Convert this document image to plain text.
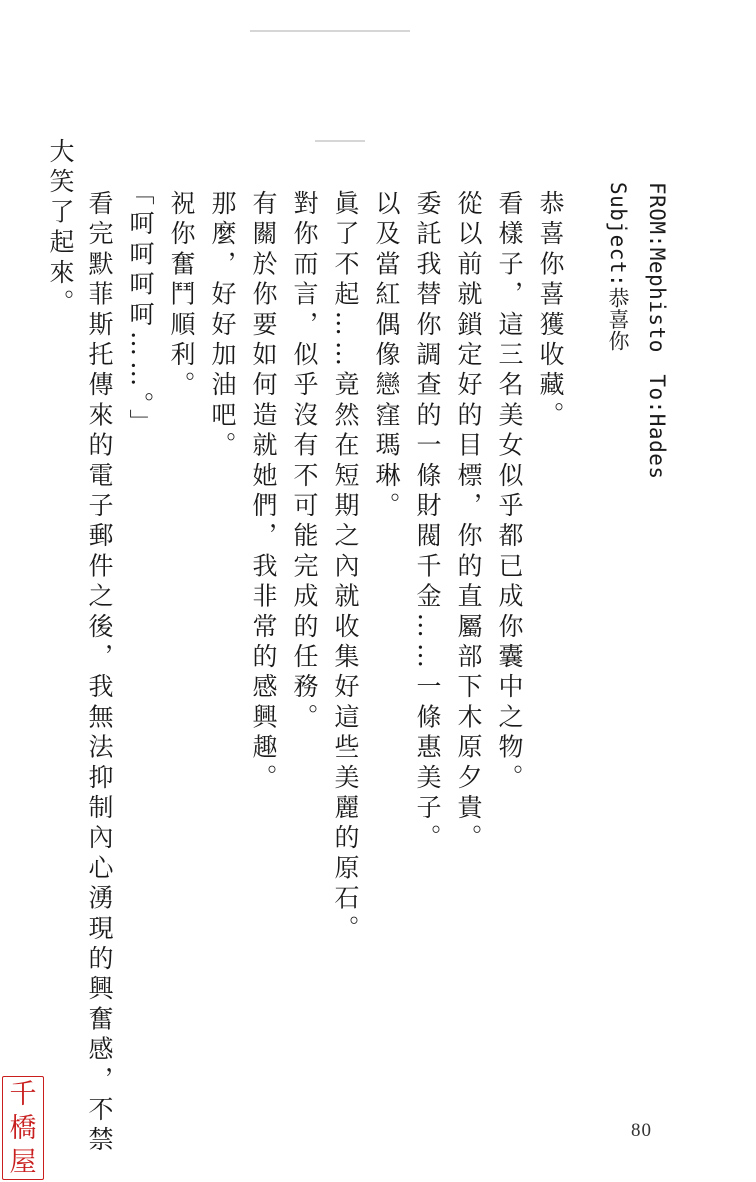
FROM:Mephisto　To:Hades
Subject:恭喜你
恭喜你喜獲收藏。
看樣子，這三名美女似乎都已成你囊中之物。
從以前就鎖定好的目標，你的直屬部下木原夕貴。
委託我替你調查的一條財閥千金……一條惠美子。
以及當紅偶像戀窪瑪琳。
眞了不起……竟然在短期之內就收集好這些美麗的原石。
對你而言，似乎沒有不可能完成的任務。
有關於你要如何造就她們，我非常的感興趣。
那麼，好好加油吧。
祝你奮鬥順利。
「呵呵呵呵……。」
看完默菲斯托傳來的電子郵件之後，我無法抑制內心湧現的興奮感，不禁
大笑了起來。
80
千
橋
屋
